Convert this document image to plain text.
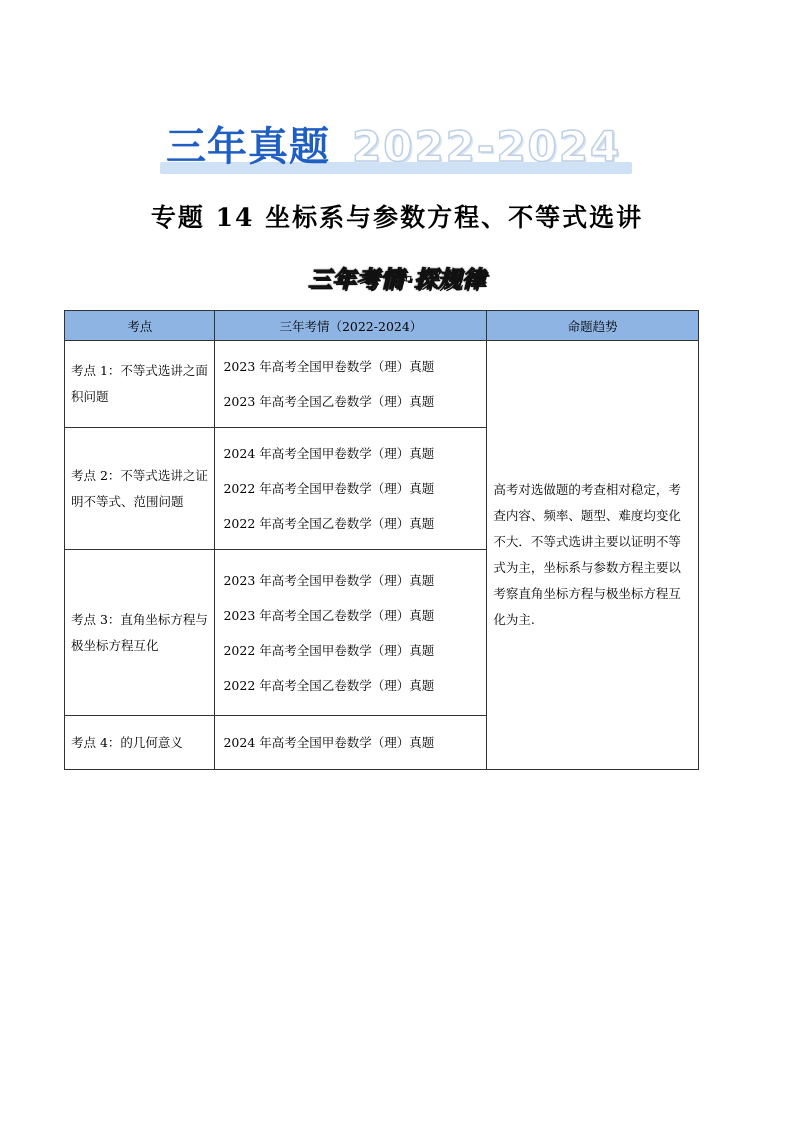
三年真题 2022-2024
专题 14 坐标系与参数方程、不等式选讲
三年考情·探规律
考点	三年考情（2022-2024）	命题趋势
考点 1：不等式选讲之面积问题	2023 年高考全国甲卷数学（理）真题
2023 年高考全国乙卷数学（理）真题	高考对选做题的考查相对稳定，考查内容、频率、题型、难度均变化不大．不等式选讲主要以证明不等式为主，坐标系与参数方程主要以考察直角坐标方程与极坐标方程互化为主.
考点 2：不等式选讲之证明不等式、范围问题	2024 年高考全国甲卷数学（理）真题
2022 年高考全国甲卷数学（理）真题
2022 年高考全国乙卷数学（理）真题	

考点 3：直角坐标方程与极坐标方程互化	2023 年高考全国甲卷数学（理）真题
2023 年高考全国乙卷数学（理）真题
2022 年高考全国甲卷数学（理）真题
2022 年高考全国乙卷数学（理）真题	

考点 4：的几何意义	2024 年高考全国甲卷数学（理）真题	
